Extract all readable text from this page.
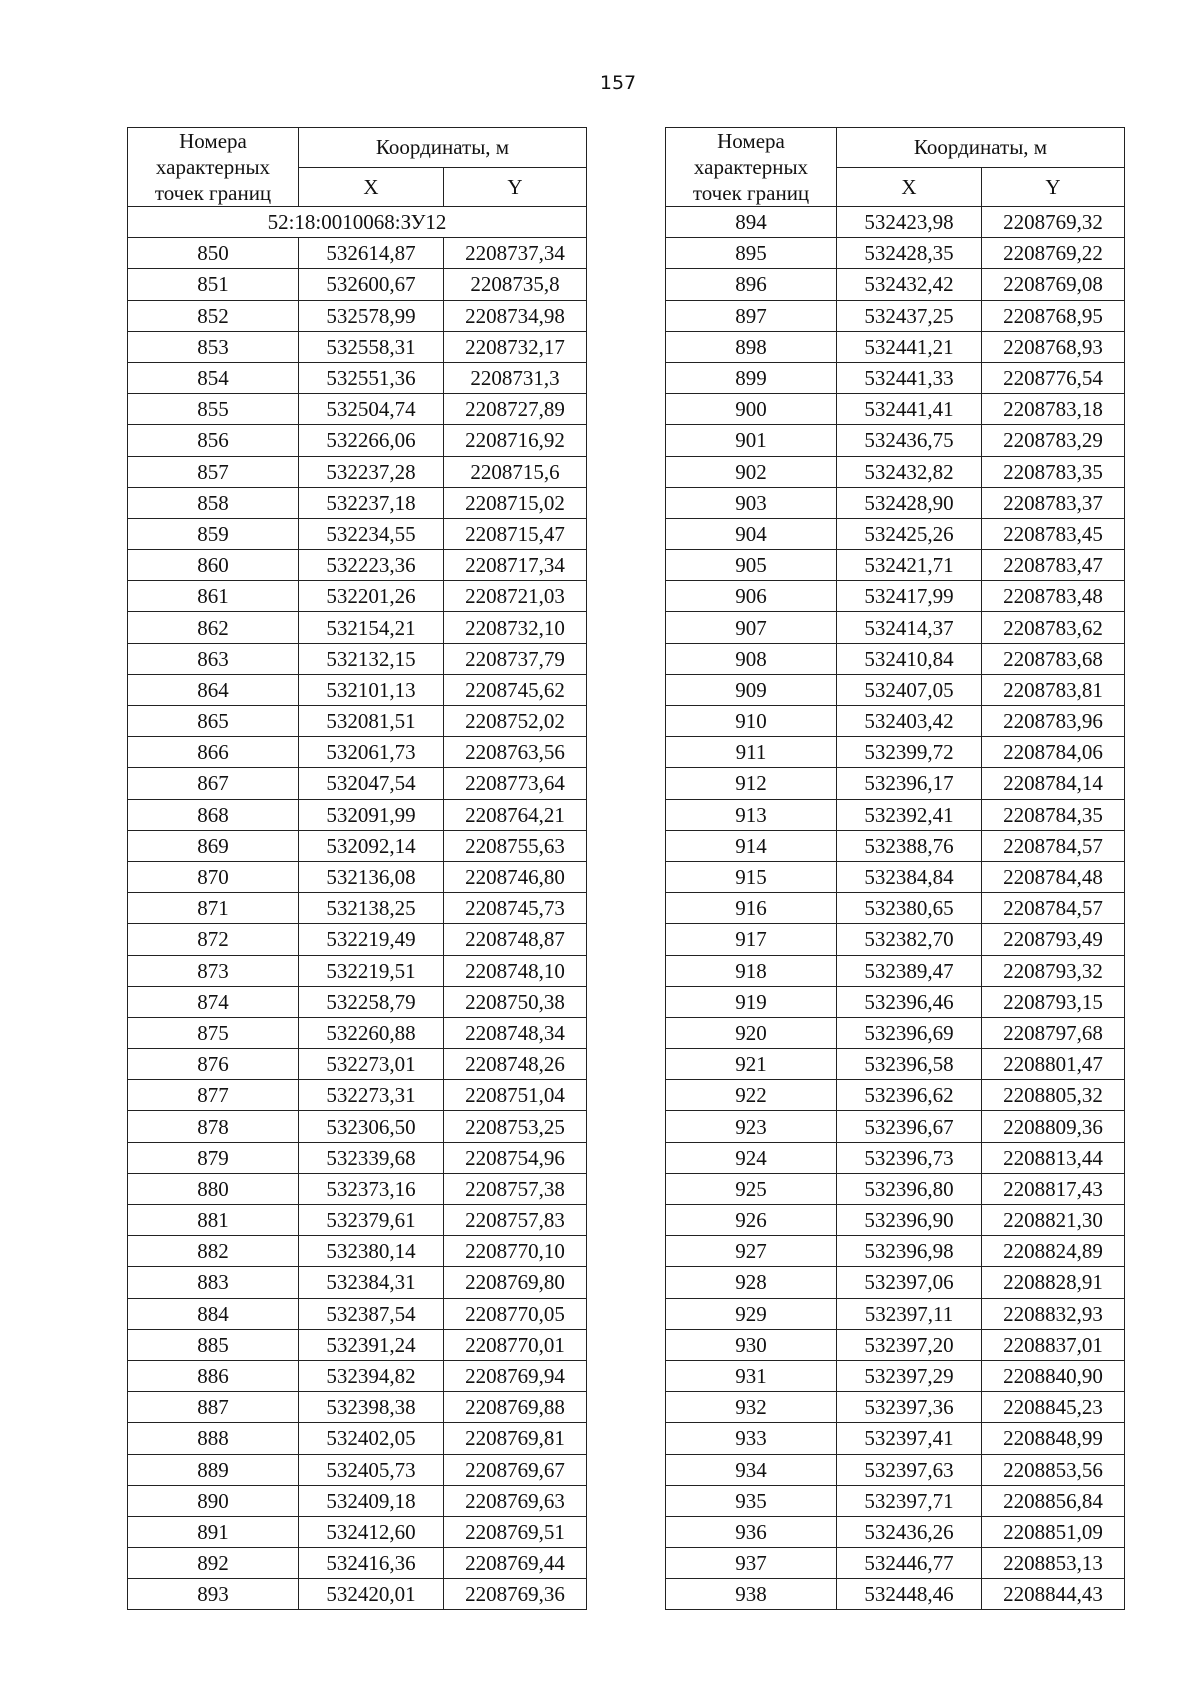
157
Номера
характерных
точек границ	Координаты, м	
	X	Y
52:18:0010068:ЗУ12		
850	532614,87	2208737,34
851	532600,67	2208735,8
852	532578,99	2208734,98
853	532558,31	2208732,17
854	532551,36	2208731,3
855	532504,74	2208727,89
856	532266,06	2208716,92
857	532237,28	2208715,6
858	532237,18	2208715,02
859	532234,55	2208715,47
860	532223,36	2208717,34
861	532201,26	2208721,03
862	532154,21	2208732,10
863	532132,15	2208737,79
864	532101,13	2208745,62
865	532081,51	2208752,02
866	532061,73	2208763,56
867	532047,54	2208773,64
868	532091,99	2208764,21
869	532092,14	2208755,63
870	532136,08	2208746,80
871	532138,25	2208745,73
872	532219,49	2208748,87
873	532219,51	2208748,10
874	532258,79	2208750,38
875	532260,88	2208748,34
876	532273,01	2208748,26
877	532273,31	2208751,04
878	532306,50	2208753,25
879	532339,68	2208754,96
880	532373,16	2208757,38
881	532379,61	2208757,83
882	532380,14	2208770,10
883	532384,31	2208769,80
884	532387,54	2208770,05
885	532391,24	2208770,01
886	532394,82	2208769,94
887	532398,38	2208769,88
888	532402,05	2208769,81
889	532405,73	2208769,67
890	532409,18	2208769,63
891	532412,60	2208769,51
892	532416,36	2208769,44
893	532420,01	2208769,36
Номера
характерных
точек границ	Координаты, м	
	X	Y
894	532423,98	2208769,32
895	532428,35	2208769,22
896	532432,42	2208769,08
897	532437,25	2208768,95
898	532441,21	2208768,93
899	532441,33	2208776,54
900	532441,41	2208783,18
901	532436,75	2208783,29
902	532432,82	2208783,35
903	532428,90	2208783,37
904	532425,26	2208783,45
905	532421,71	2208783,47
906	532417,99	2208783,48
907	532414,37	2208783,62
908	532410,84	2208783,68
909	532407,05	2208783,81
910	532403,42	2208783,96
911	532399,72	2208784,06
912	532396,17	2208784,14
913	532392,41	2208784,35
914	532388,76	2208784,57
915	532384,84	2208784,48
916	532380,65	2208784,57
917	532382,70	2208793,49
918	532389,47	2208793,32
919	532396,46	2208793,15
920	532396,69	2208797,68
921	532396,58	2208801,47
922	532396,62	2208805,32
923	532396,67	2208809,36
924	532396,73	2208813,44
925	532396,80	2208817,43
926	532396,90	2208821,30
927	532396,98	2208824,89
928	532397,06	2208828,91
929	532397,11	2208832,93
930	532397,20	2208837,01
931	532397,29	2208840,90
932	532397,36	2208845,23
933	532397,41	2208848,99
934	532397,63	2208853,56
935	532397,71	2208856,84
936	532436,26	2208851,09
937	532446,77	2208853,13
938	532448,46	2208844,43
